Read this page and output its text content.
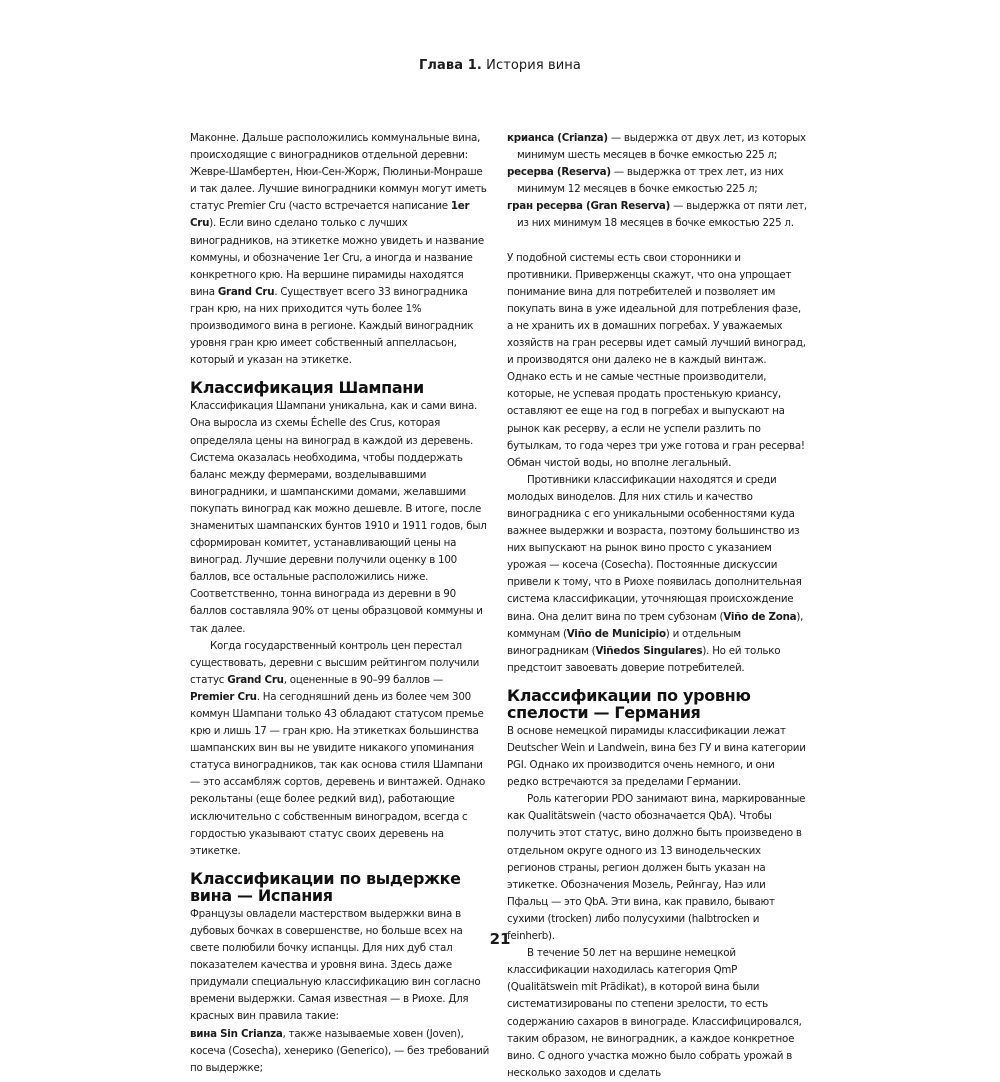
Глава 1. История вина

Маконне. Дальше расположились коммунальные вина, происходящие с виноградников отдельной деревни: Жевре-Шамбертен, Нюи-Сен-Жорж, Пюлиньи-Монраше и так далее. Лучшие виноградники коммун могут иметь статус Premier Cru (часто встречается написание 1er Cru). Если вино сделано только с лучших виноградников, на этикетке можно увидеть и название коммуны, и обозначение 1er Cru, а иногда и название конкретного крю. На вершине пирамиды находятся вина Grand Cru. Существует всего 33 виноградника гран крю, на них приходится чуть более 1% производимого вина в регионе. Каждый виноградник уровня гран крю имеет собственный аппелласьон, который и указан на этикетке.

Классификация Шампани

Классификация Шампани уникальна, как и сами вина. Она выросла из схемы Échelle des Crus, которая определяла цены на виноград в каждой из деревень. Система оказалась необходима, чтобы поддержать баланс между фермерами, возделывавшими виноградники, и шампанскими домами, желавшими покупать виноград как можно дешевле. В итоге, после знаменитых шампанских бунтов 1910 и 1911 годов, был сформирован комитет, устанавливающий цены на виноград. Лучшие деревни получили оценку в 100 баллов, все остальные расположились ниже. Соответственно, тонна винограда из деревни в 90 баллов составляла 90% от цены образцовой коммуны и так далее.

Когда государственный контроль цен перестал существовать, деревни с высшим рейтингом получили статус Grand Cru, оцененные в 90–99 баллов — Premier Cru. На сегодняшний день из более чем 300 коммун Шампани только 43 обладают статусом премье крю и лишь 17 — гран крю. На этикетках большинства шампанских вин вы не увидите никакого упоминания статуса виноградников, так как основа стиля Шампани — это ассамбляж сортов, деревень и винтажей. Однако рекольтаны (еще более редкий вид), работающие исключительно с собственным виноградом, всегда с гордостью указывают статус своих деревень на этикетке.

Классификации по выдержке вина — Испания

Французы овладели мастерством выдержки вина в дубовых бочках в совершенстве, но больше всех на свете полюбили бочку испанцы. Для них дуб стал показателем качества и уровня вина. Здесь даже придумали специальную классификацию вин согласно времени выдержки. Самая известная — в Риохе. Для красных вин правила такие:

вина Sin Crianza, также называемые ховен (Joven), косеча (Cosecha), хенерико (Generico), — без требований по выдержке;

крианса (Crianza) — выдержка от двух лет, из которых минимум шесть месяцев в бочке емкостью 225 л;

ресерва (Reserva) — выдержка от трех лет, из них минимум 12 месяцев в бочке емкостью 225 л;

гран ресерва (Gran Reserva) — выдержка от пяти лет, из них минимум 18 месяцев в бочке емкостью 225 л.

У подобной системы есть свои сторонники и противники. Приверженцы скажут, что она упрощает понимание вина для потребителей и позволяет им покупать вина в уже идеальной для потребления фазе, а не хранить их в домашних погребах. У уважаемых хозяйств на гран ресервы идет самый лучший виноград, и производятся они далеко не в каждый винтаж. Однако есть и не самые честные производители, которые, не успевая продать простенькую криансу, оставляют ее еще на год в погребах и выпускают на рынок как ресерву, а если не успели разлить по бутылкам, то года через три уже готова и гран ресерва! Обман чистой воды, но вполне легальный.

Противники классификации находятся и среди молодых виноделов. Для них стиль и качество виноградника с его уникальными особенностями куда важнее выдержки и возраста, поэтому большинство из них выпускают на рынок вино просто с указанием урожая — косеча (Cosecha). Постоянные дискуссии привели к тому, что в Риохе появилась дополнительная система классификации, уточняющая происхождение вина. Она делит вина по трем субзонам (Viño de Zona), коммунам (Viño de Municipio) и отдельным виноградникам (Viñedos Singulares). Но ей только предстоит завоевать доверие потребителей.

Классификации по уровню спелости — Германия

В основе немецкой пирамиды классификации лежат Deutscher Wein и Landwein, вина без ГУ и вина категории PGI. Однако их производится очень немного, и они редко встречаются за пределами Германии.

Роль категории PDO занимают вина, маркированные как Qualitätswein (часто обозначается QbA). Чтобы получить этот статус, вино должно быть произведено в отдельном округе одного из 13 винодельческих регионов страны, регион должен быть указан на этикетке. Обозначения Мозель, Рейнгау, Наэ или Пфальц — это QbA. Эти вина, как правило, бывают сухими (trocken) либо полусухими (halbtrocken и feinherb).

В течение 50 лет на вершине немецкой классификации находилась категория QmP (Qualitätswein mit Prädikat), в которой вина были систематизированы по степени зрелости, то есть содержанию сахаров в винограде. Классифицировался, таким образом, не виноградник, а каждое конкретное вино. С одного участка можно было собрать урожай в несколько заходов и сделать

21
